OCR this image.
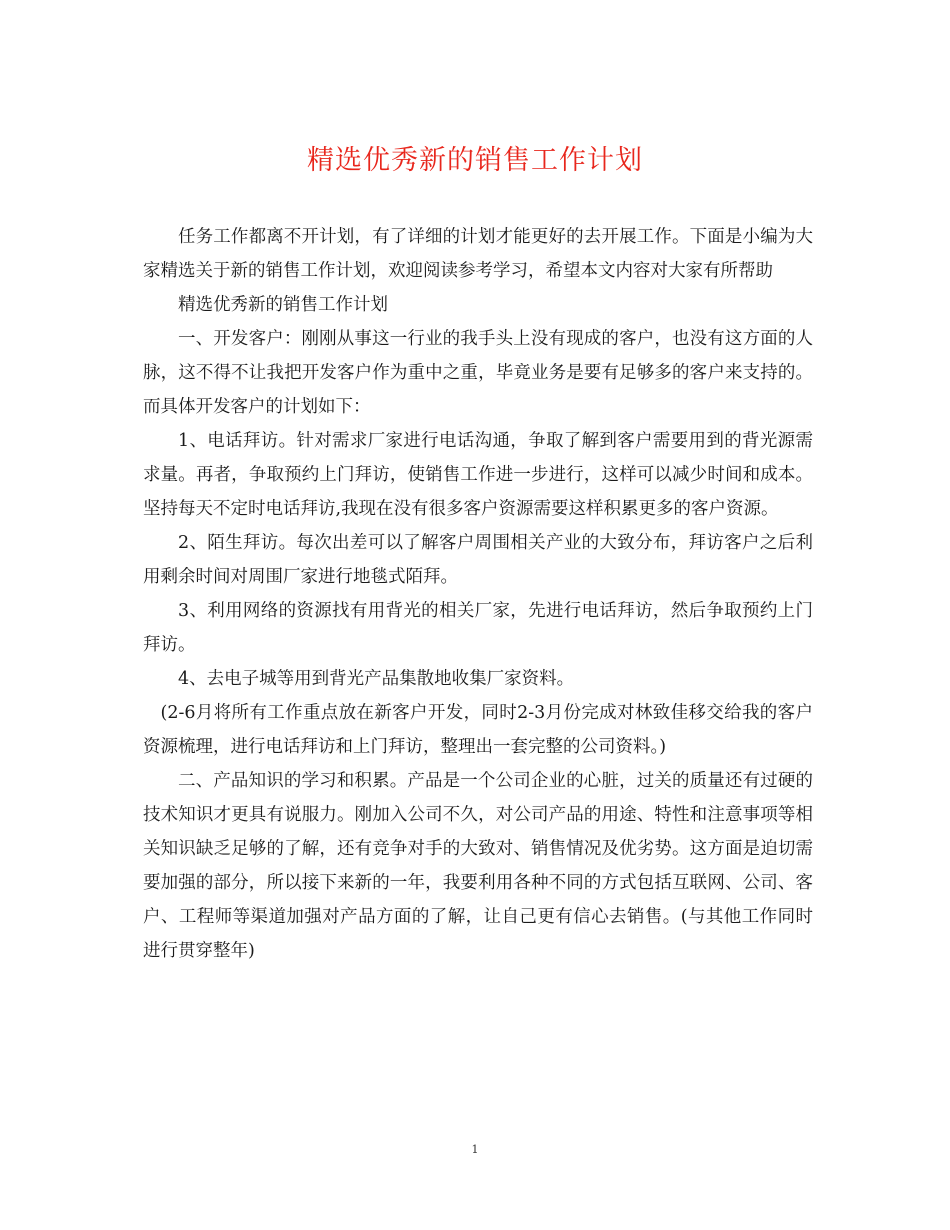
精选优秀新的销售工作计划

任务工作都离不开计划，有了详细的计划才能更好的去开展工作。下面是小编为大家精选关于新的销售工作计划，欢迎阅读参考学习，希望本文内容对大家有所帮助

精选优秀新的销售工作计划

一、开发客户：刚刚从事这一行业的我手头上没有现成的客户，也没有这方面的人脉，这不得不让我把开发客户作为重中之重，毕竟业务是要有足够多的客户来支持的。而具体开发客户的计划如下：

1、电话拜访。针对需求厂家进行电话沟通，争取了解到客户需要用到的背光源需求量。再者，争取预约上门拜访，使销售工作进一步进行，这样可以减少时间和成本。坚持每天不定时电话拜访,我现在没有很多客户资源需要这样积累更多的客户资源。

2、陌生拜访。每次出差可以了解客户周围相关产业的大致分布，拜访客户之后利用剩余时间对周围厂家进行地毯式陌拜。

3、利用网络的资源找有用背光的相关厂家，先进行电话拜访，然后争取预约上门拜访。

4、去电子城等用到背光产品集散地收集厂家资料。

(2-6月将所有工作重点放在新客户开发，同时2-3月份完成对林致佳移交给我的客户资源梳理，进行电话拜访和上门拜访，整理出一套完整的公司资料。)

二、产品知识的学习和积累。产品是一个公司企业的心脏，过关的质量还有过硬的技术知识才更具有说服力。刚加入公司不久，对公司产品的用途、特性和注意事项等相关知识缺乏足够的了解，还有竞争对手的大致对、销售情况及优劣势。这方面是迫切需要加强的部分，所以接下来新的一年，我要利用各种不同的方式包括互联网、公司、客户、工程师等渠道加强对产品方面的了解，让自己更有信心去销售。(与其他工作同时进行贯穿整年)

1
